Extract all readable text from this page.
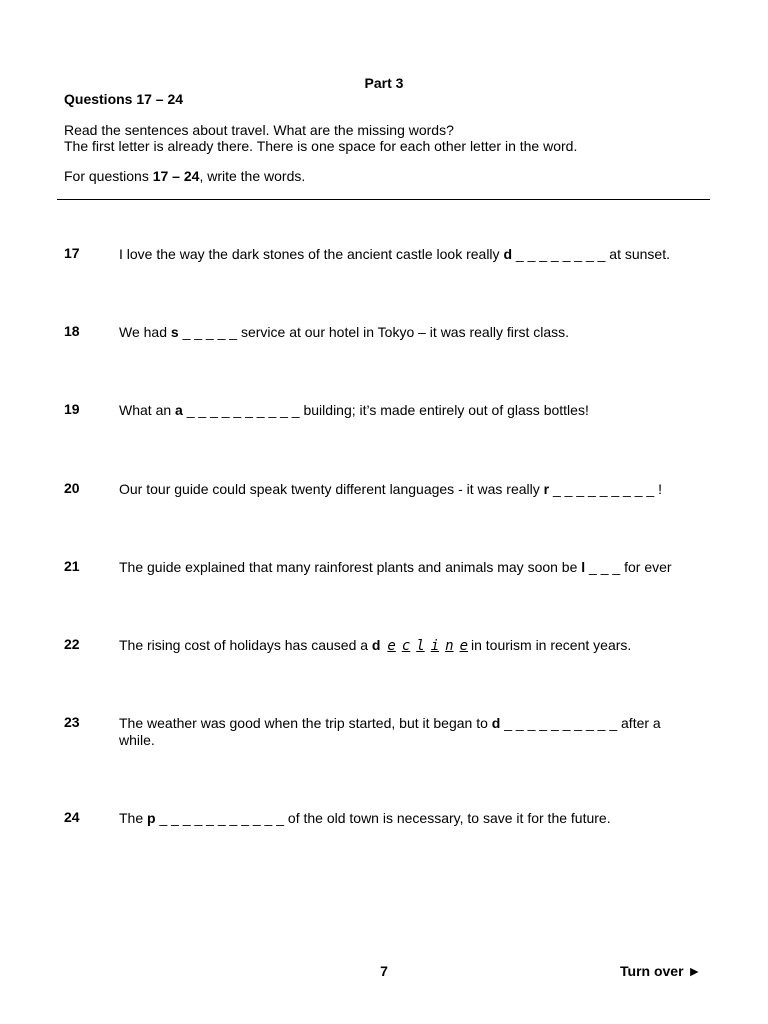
Part 3
Questions 17 – 24
Read the sentences about travel. What are the missing words?
The first letter is already there. There is one space for each other letter in the word.
For questions 17 – 24, write the words.
17	I love the way the dark stones of the ancient castle look really d _ _ _ _ _ _ _ _ at sunset.
18	We had s _ _ _ _ _ service at our hotel in Tokyo – it was really first class.
19	What an a _ _ _ _ _ _ _ _ _ _ building; it’s made entirely out of glass bottles!
20	Our tour guide could speak twenty different languages - it was really r _ _ _ _ _ _ _ _ _ !
21	The guide explained that many rainforest plants and animals may soon be l _ _ _ for ever
22	The rising cost of holidays has caused a d e c l i n e in tourism in recent years.
23	The weather was good when the trip started, but it began to d _ _ _ _ _ _ _ _ _ _ after a while.
24	The p _ _ _ _ _ _ _ _ _ _ _ of the old town is necessary, to save it for the future.
7	Turn over ►
